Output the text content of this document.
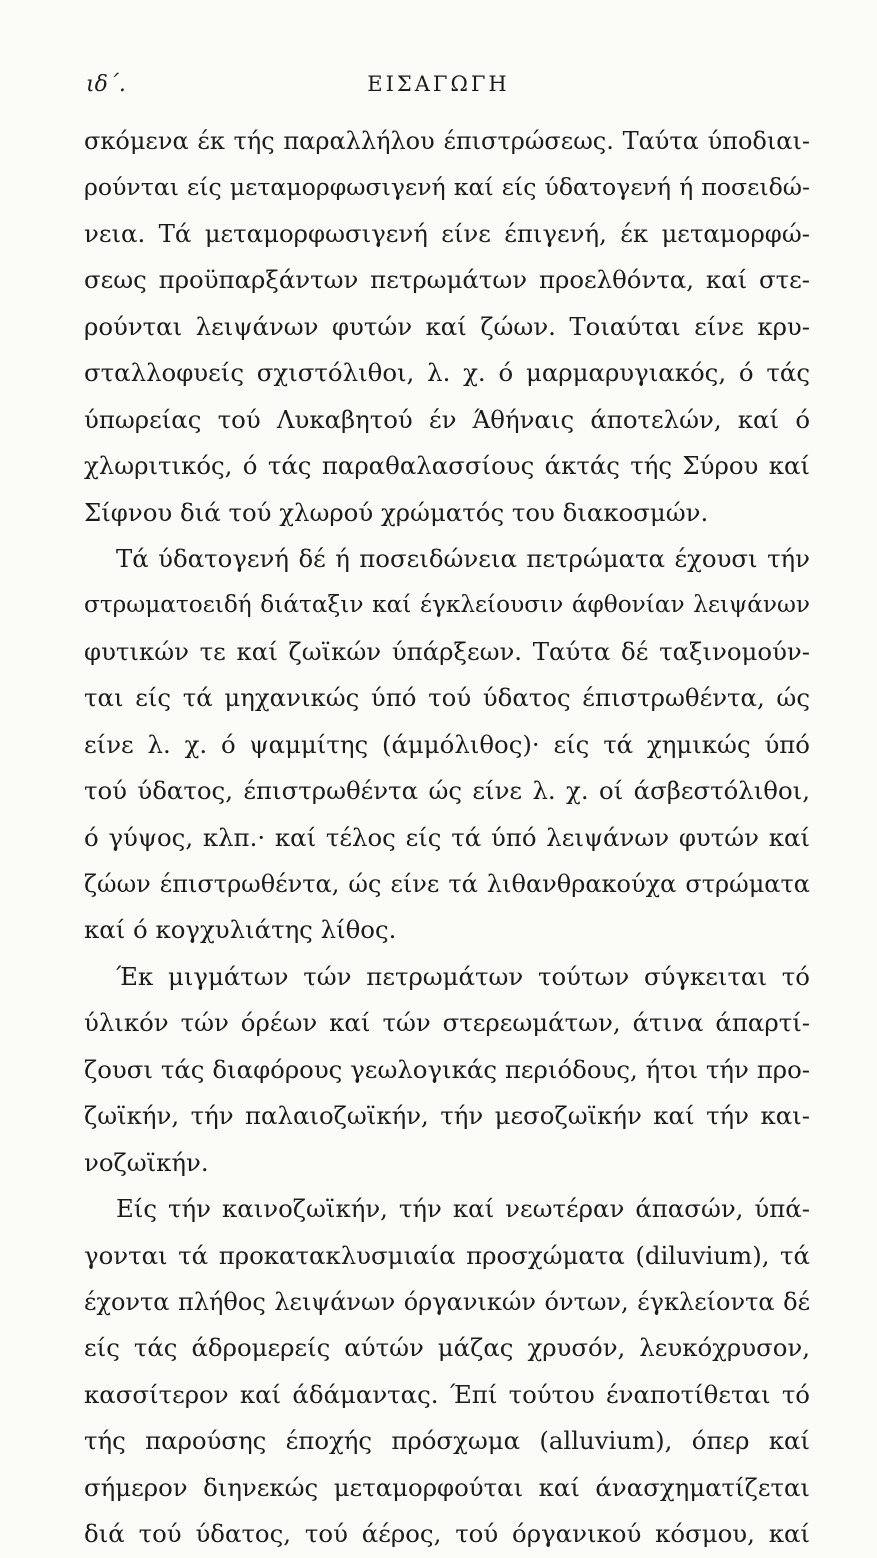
ιδ΄.	ΕΙΣΑΓΩΓΗ
σκόμενα έκ τής παραλλήλου έπιστρώσεως. Ταύτα ύποδιαι-
ρούνται είς μεταμορφωσιγενή καί είς ύδατογενή ή ποσειδώ-
νεια. Τά μεταμορφωσιγενή είνε έπιγενή, έκ μεταμορφώ-
σεως προϋπαρξάντων πετρωμάτων προελθόντα, καί στε-
ρούνται λειψάνων φυτών καί ζώων. Τοιαύται είνε κρυ-
σταλλοφυείς σχιστόλιθοι, λ. χ. ό μαρμαρυγιακός, ό τάς
ύπωρείας τού Λυκαβητού έν Άθήναις άποτελών, καί ό
χλωριτικός, ό τάς παραθαλασσίους άκτάς τής Σύρου καί
Σίφνου διά τού χλωρού χρώματός του διακοσμών.
Τά ύδατογενή δέ ή ποσειδώνεια πετρώματα έχουσι τήν
στρωματοειδή διάταξιν καί έγκλείουσιν άφθονίαν λειψάνων
φυτικών τε καί ζωϊκών ύπάρξεων. Ταύτα δέ ταξινομούν-
ται είς τά μηχανικώς ύπό τού ύδατος έπιστρωθέντα, ώς
είνε λ. χ. ό ψαμμίτης (άμμόλιθος)· είς τά χημικώς ύπό
τού ύδατος, έπιστρωθέντα ώς είνε λ. χ. οί άσβεστόλιθοι,
ό γύψος, κλπ.· καί τέλος είς τά ύπό λειψάνων φυτών καί
ζώων έπιστρωθέντα, ώς είνε τά λιθανθρακούχα στρώματα
καί ό κογχυλιάτης λίθος.
Έκ μιγμάτων τών πετρωμάτων τούτων σύγκειται τό
ύλικόν τών όρέων καί τών στερεωμάτων, άτινα άπαρτί-
ζουσι τάς διαφόρους γεωλογικάς περιόδους, ήτοι τήν προ-
ζωϊκήν, τήν παλαιοζωϊκήν, τήν μεσοζωϊκήν καί τήν και-
νοζωϊκήν.
Είς τήν καινοζωϊκήν, τήν καί νεωτέραν άπασών, ύπά-
γονται τά προκατακλυσμιαία προσχώματα (diluvium), τά
έχοντα πλήθος λειψάνων όργανικών όντων, έγκλείοντα δέ
είς τάς άδρομερείς αύτών μάζας χρυσόν, λευκόχρυσον,
κασσίτερον καί άδάμαντας. Έπί τούτου έναποτίθεται τό
τής παρούσης έποχής πρόσχωμα (alluvium), όπερ καί
σήμερον διηνεκώς μεταμορφούται καί άνασχηματίζεται
διά τού ύδατος, τού άέρος, τού όργανικού κόσμου, καί
